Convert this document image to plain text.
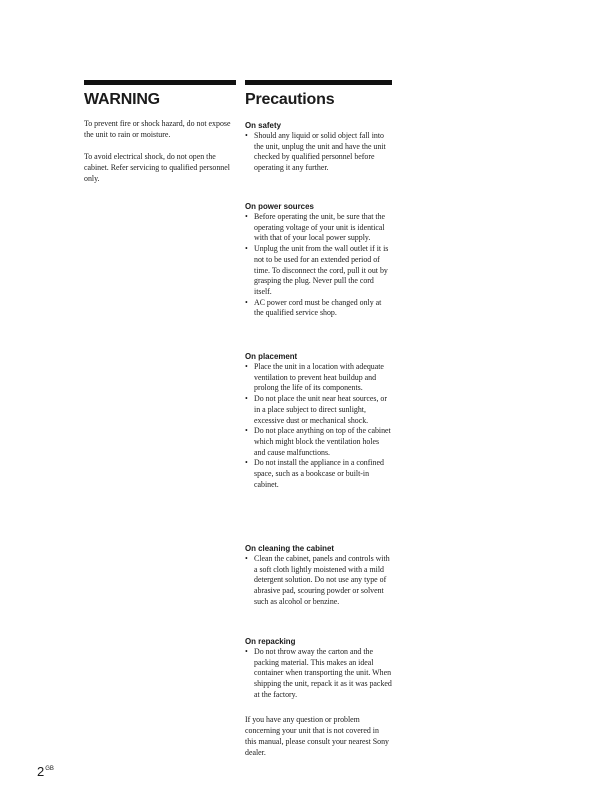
WARNING

To prevent fire or shock hazard, do not expose the unit to rain or moisture.

To avoid electrical shock, do not open the cabinet. Refer servicing to qualified personnel only.

Precautions

On safety

• Should any liquid or solid object fall into the unit, unplug the unit and have the unit checked by qualified personnel before operating it any further.

On power sources

• Before operating the unit, be sure that the operating voltage of your unit is identical with that of your local power supply.
• Unplug the unit from the wall outlet if it is not to be used for an extended period of time. To disconnect the cord, pull it out by grasping the plug. Never pull the cord itself.
• AC power cord must be changed only at the qualified service shop.

On placement

• Place the unit in a location with adequate ventilation to prevent heat buildup and prolong the life of its components.
• Do not place the unit near heat sources, or in a place subject to direct sunlight, excessive dust or mechanical shock.
• Do not place anything on top of the cabinet which might block the ventilation holes and cause malfunctions.
• Do not install the appliance in a confined space, such as a bookcase or built-in cabinet.

On cleaning the cabinet

• Clean the cabinet, panels and controls with a soft cloth lightly moistened with a mild detergent solution. Do not use any type of abrasive pad, scouring powder or solvent such as alcohol or benzine.

On repacking

• Do not throw away the carton and the packing material. This makes an ideal container when transporting the unit. When shipping the unit, repack it as it was packed at the factory.

If you have any question or problem concerning your unit that is not covered in this manual, please consult your nearest Sony dealer.

$2^{GB}$
